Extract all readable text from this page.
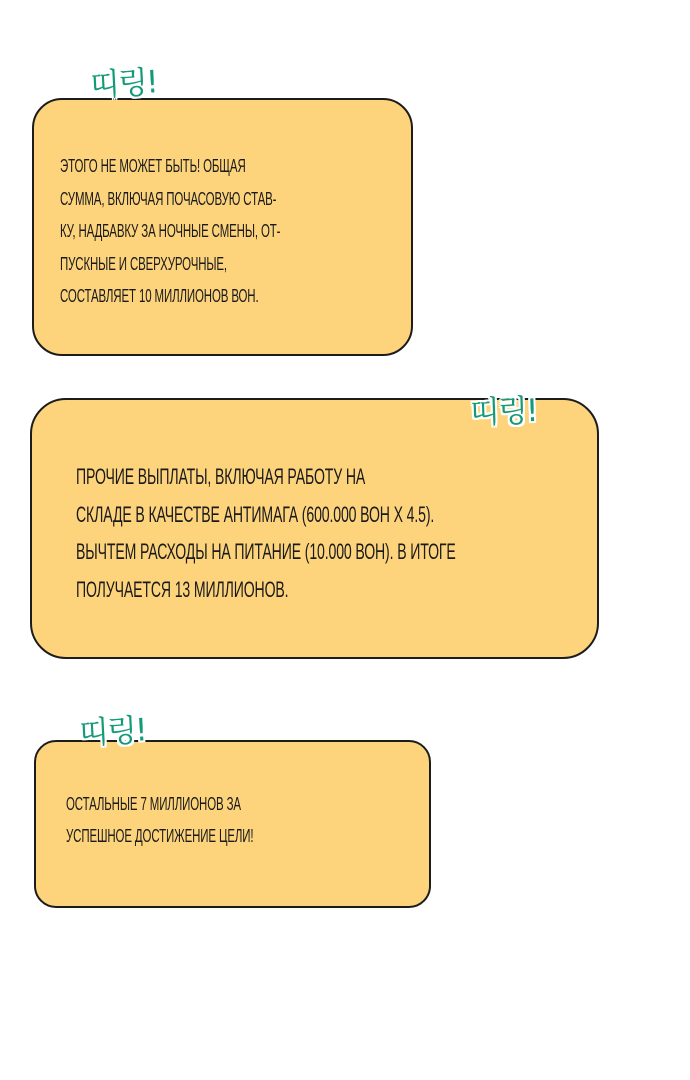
띠링!

ЭТОГО НЕ МОЖЕТ БЫТЬ! ОБЩАЯ
СУММА, ВКЛЮЧАЯ ПОЧАСОВУЮ СТАВ-
КУ, НАДБАВКУ ЗА НОЧНЫЕ СМЕНЫ, ОТ-
ПУСКНЫЕ И СВЕРХУРОЧНЫЕ,
СОСТАВЛЯЕТ 10 МИЛЛИОНОВ ВОН.

띠링!

ПРОЧИЕ ВЫПЛАТЫ, ВКЛЮЧАЯ РАБОТУ НА
СКЛАДЕ В КАЧЕСТВЕ АНТИМАГА (600.000 ВОН X 4.5).
ВЫЧТЕМ РАСХОДЫ НА ПИТАНИЕ (10.000 ВОН). В ИТОГЕ
ПОЛУЧАЕТСЯ 13 МИЛЛИОНОВ.

띠링!

ОСТАЛЬНЫЕ 7 МИЛЛИОНОВ ЗА
УСПЕШНОЕ ДОСТИЖЕНИЕ ЦЕЛИ!
